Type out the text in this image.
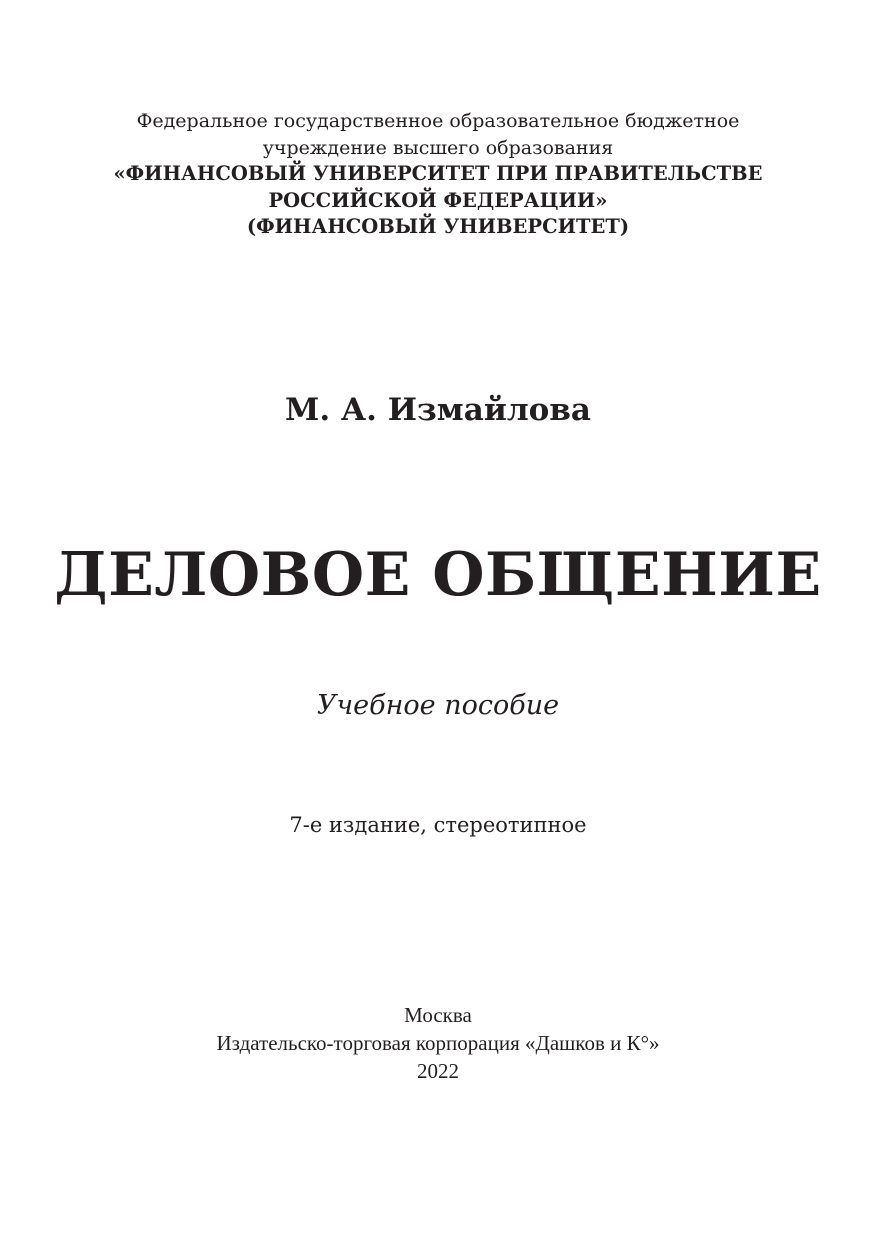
Федеральное государственное образовательное бюджетное
учреждение высшего образования
«ФИНАНСОВЫЙ УНИВЕРСИТЕТ ПРИ ПРАВИТЕЛЬСТВЕ
РОССИЙСКОЙ ФЕДЕРАЦИИ»
(ФИНАНСОВЫЙ УНИВЕРСИТЕТ)
М. А. Измайлова
ДЕЛОВОЕ ОБЩЕНИЕ
Учебное пособие
7-е издание, стереотипное
Москва
Издательско-торговая корпорация «Дашков и К°»
2022
